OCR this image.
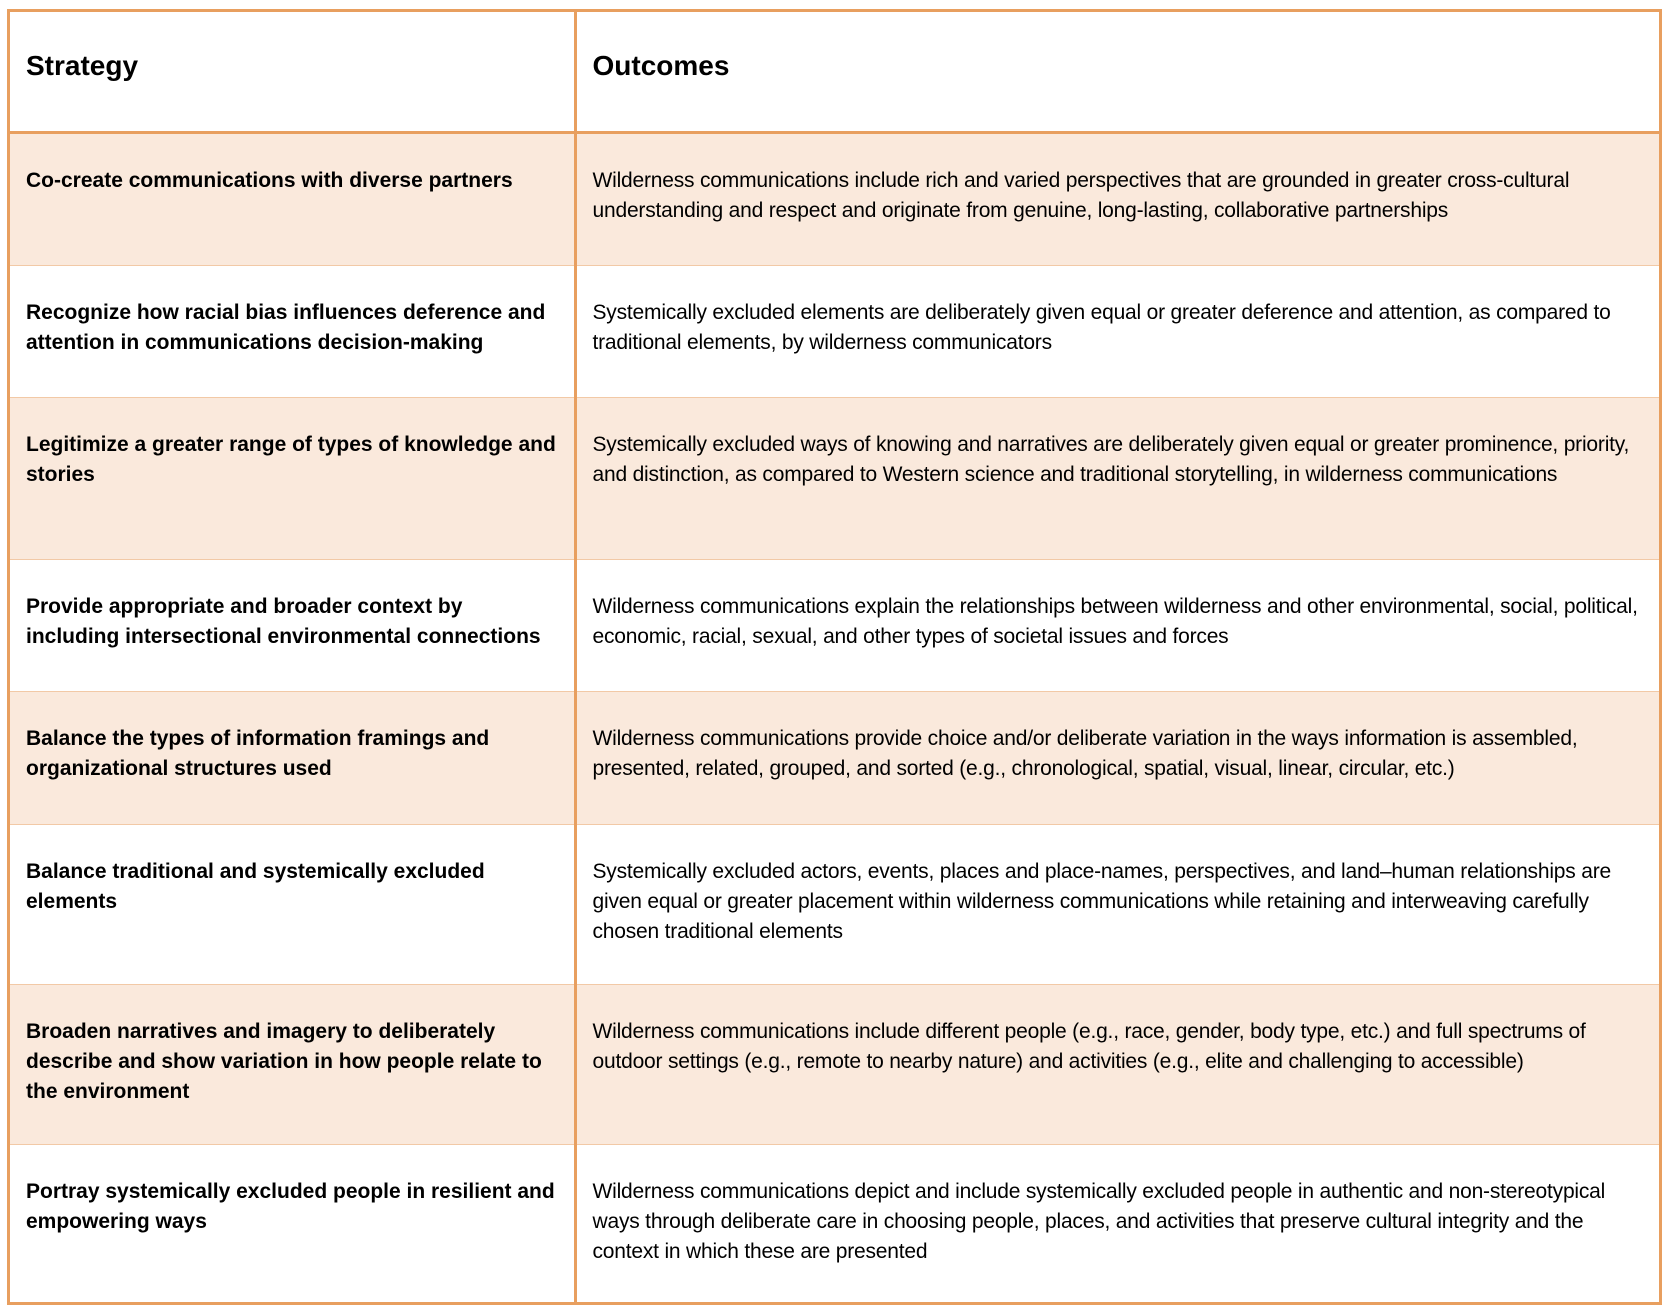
Strategy	Outcomes
Co-create communications with diverse partners	Wilderness communications include rich and varied perspectives that are grounded in greater cross-cultural understanding and respect and originate from genuine, long-lasting, collaborative partnerships
Recognize how racial bias influences deference and attention in communications decision-making	Systemically excluded elements are deliberately given equal or greater deference and attention, as compared to traditional elements, by wilderness communicators
Legitimize a greater range of types of knowledge and stories	Systemically excluded ways of knowing and narratives are deliberately given equal or greater prominence, priority, and distinction, as compared to Western science and traditional storytelling, in wilderness communications
Provide appropriate and broader context by including intersectional environmental connections	Wilderness communications explain the relationships between wilderness and other environmental, social, political, economic, racial, sexual, and other types of societal issues and forces
Balance the types of information framings and organizational structures used	Wilderness communications provide choice and/or deliberate variation in the ways information is assembled, presented, related, grouped, and sorted (e.g., chronological, spatial, visual, linear, circular, etc.)
Balance traditional and systemically excluded elements	Systemically excluded actors, events, places and place-names, perspectives, and land–human relationships are given equal or greater placement within wilderness communications while retaining and interweaving carefully chosen traditional elements
Broaden narratives and imagery to deliberately describe and show variation in how people relate to the environment	Wilderness communications include different people (e.g., race, gender, body type, etc.) and full spectrums of outdoor settings (e.g., remote to nearby nature) and activities (e.g., elite and challenging to accessible)
Portray systemically excluded people in resilient and empowering ways	Wilderness communications depict and include systemically excluded people in authentic and non-stereotypical ways through deliberate care in choosing people, places, and activities that preserve cultural integrity and the context in which these are presented
